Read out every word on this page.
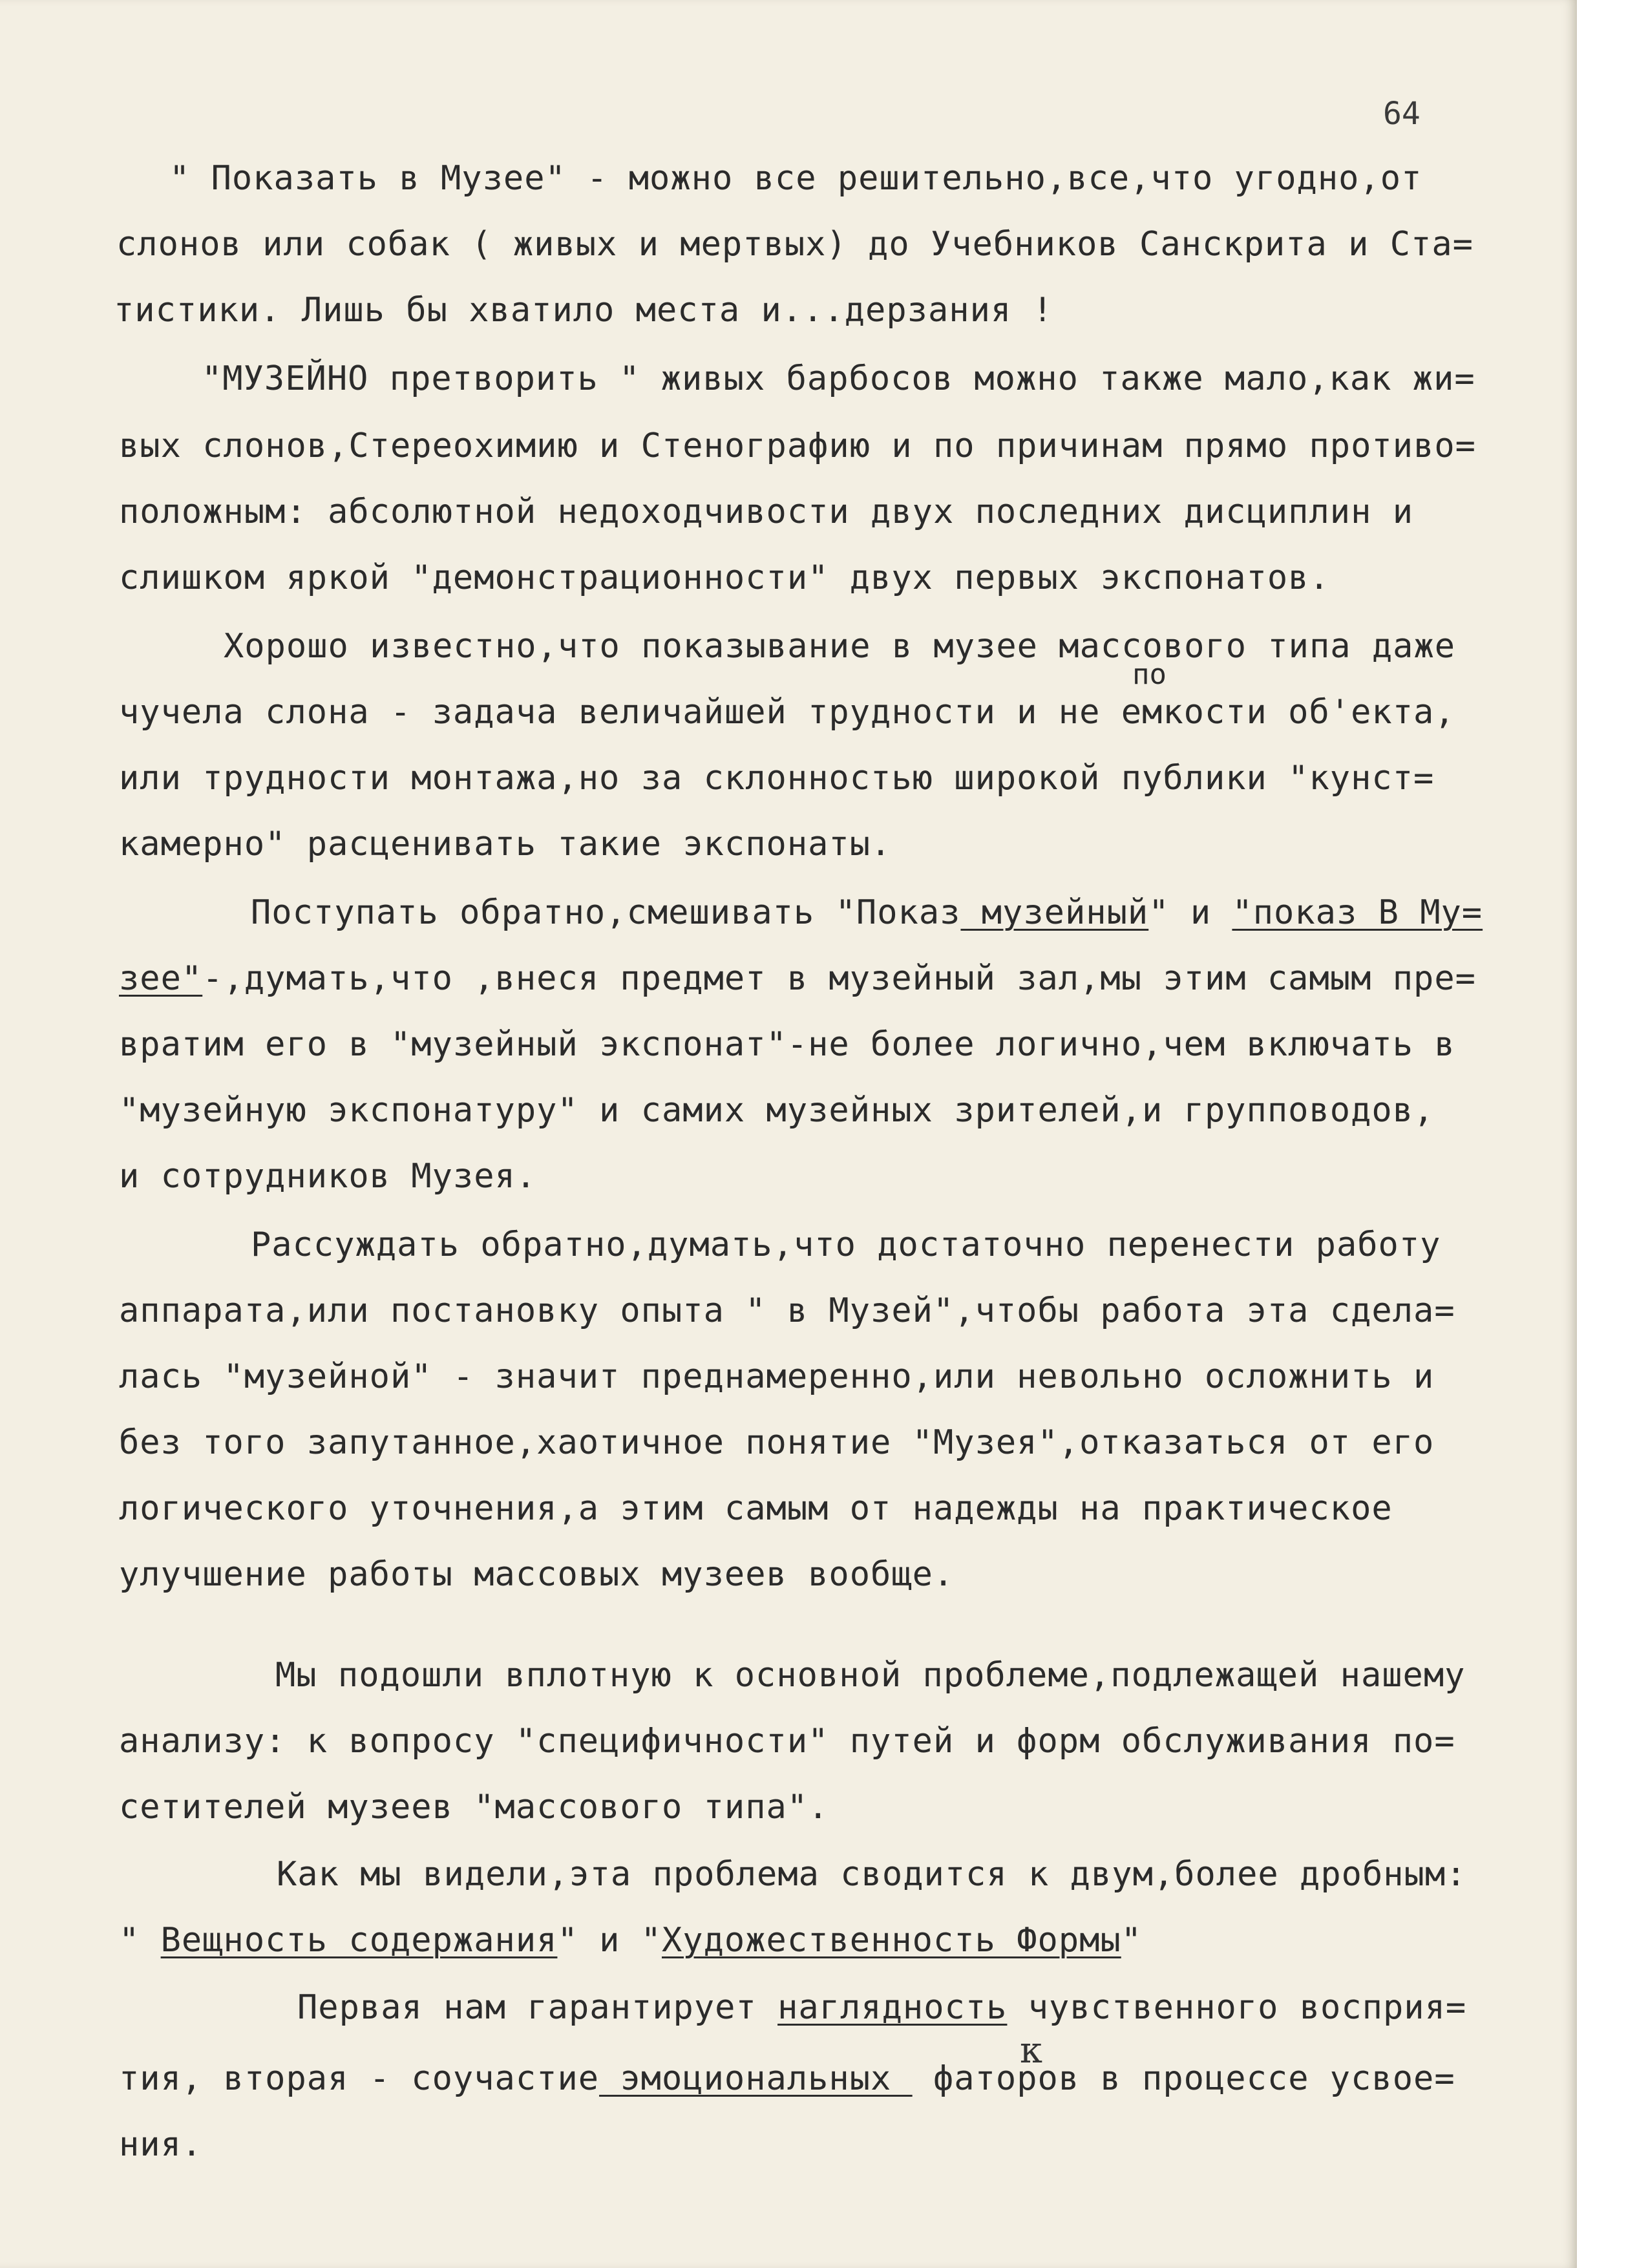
64
" Показать в Музее" - можно все решительно,все,что угодно,от
слонов или собак ( живых и мертвых) до Учебников Санскрита и Ста=
тистики. Лишь бы хватило места и...дерзания !
"МУЗЕЙНО претворить " живых барбосов можно также мало,как жи=
вых слонов,Стереохимию и Стенографию и по причинам прямо противо=
положным: абсолютной недоходчивости двух последних дисциплин и
слишком яркой "демонстрационности" двух первых экспонатов.
Хорошо известно,что показывание в музее массового типа даже
по
чучела слона - задача величайшей трудности и не емкости об'екта,
или трудности монтажа,но за склонностью широкой публики "кунст=
камерно" расценивать такие экспонаты.
Поступать обратно,смешивать "Показ музейный" и "показ В Му=
зее"-,думать,что ,внеся предмет в музейный зал,мы этим самым пре=
вратим его в "музейный экспонат"-не более логично,чем включать в
"музейную экспонатуру" и самих музейных зрителей,и групповодов,
и сотрудников Музея.
Рассуждать обратно,думать,что достаточно перенести работу
аппарата,или постановку опыта " в Музей",чтобы работа эта сдела=
лась "музейной" - значит преднамеренно,или невольно осложнить и
без того запутанное,хаотичное понятие "Музея",отказаться от его
логического уточнения,а этим самым от надежды на практическое
улучшение работы массовых музеев вообще.
Мы подошли вплотную к основной проблеме,подлежащей нашему
анализу: к вопросу "специфичности" путей и форм обслуживания по=
сетителей музеев "массового типа".
Как мы видели,эта проблема сводится к двум,более дробным:
" Вещность содержания" и "Художественность Формы"
Первая нам гарантирует наглядность чувственного восприя=
к
тия, вторая - соучастие эмоциональных  фаторов в процессе усвое=
ния.
